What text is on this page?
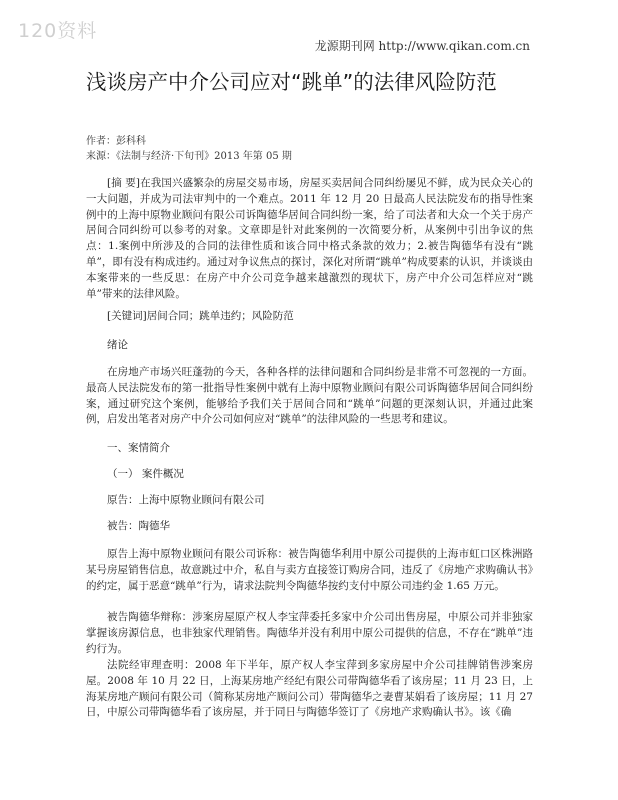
120资料
龙源期刊网 http://www.qikan.com.cn
浅谈房产中介公司应对“跳单”的法律风险防范
作者：彭科科
来源：《法制与经济·下旬刊》2013 年第 05 期

[摘 要]在我国兴盛繁杂的房屋交易市场，房屋买卖居间合同纠纷屡见不鲜，成为民众关心的一大问题，并成为司法审判中的一个难点。2011 年 12 月 20 日最高人民法院发布的指导性案例中的上海中原物业顾问有限公司诉陶德华居间合同纠纷一案，给了司法者和大众一个关于房产居间合同纠纷可以参考的对象。文章即是针对此案例的一次简要分析，从案例中引出争议的焦点：1.案例中所涉及的合同的法律性质和该合同中格式条款的效力；2.被告陶德华有没有“跳单”，即有没有构成违约。通过对争议焦点的探讨，深化对所谓“跳单”构成要素的认识，并谈谈由本案带来的一些反思：在房产中介公司竞争越来越激烈的现状下，房产中介公司怎样应对“跳单”带来的法律风险。

[关键词]居间合同；跳单违约；风险防范

绪论

在房地产市场兴旺蓬勃的今天，各种各样的法律问题和合同纠纷是非常不可忽视的一方面。最高人民法院发布的第一批指导性案例中就有上海中原物业顾问有限公司诉陶德华居间合同纠纷案，通过研究这个案例，能够给予我们关于居间合同和“跳单”问题的更深刻认识，并通过此案例，启发出笔者对房产中介公司如何应对“跳单”的法律风险的一些思考和建议。

一、案情简介

（一） 案件概况

原告：上海中原物业顾问有限公司

被告：陶德华

原告上海中原物业顾问有限公司诉称：被告陶德华利用中原公司提供的上海市虹口区株洲路某号房屋销售信息，故意跳过中介，私自与卖方直接签订购房合同，违反了《房地产求购确认书》的约定，属于恶意“跳单”行为，请求法院判令陶德华按约支付中原公司违约金 1.65 万元。

被告陶德华辩称：涉案房屋原产权人李宝萍委托多家中介公司出售房屋，中原公司并非独家掌握该房源信息，也非独家代理销售。陶德华并没有利用中原公司提供的信息，不存在“跳单”违约行为。

法院经审理查明：2008 年下半年，原产权人李宝萍到多家房屋中介公司挂牌销售涉案房屋。2008 年 10 月 22 日，上海某房地产经纪有限公司带陶德华看了该房屋；11 月 23 日，上海某房地产顾问有限公司（简称某房地产顾问公司）带陶德华之妻曹某娟看了该房屋；11 月 27 日，中原公司带陶德华看了该房屋，并于同日与陶德华签订了《房地产求购确认书》。该《确
